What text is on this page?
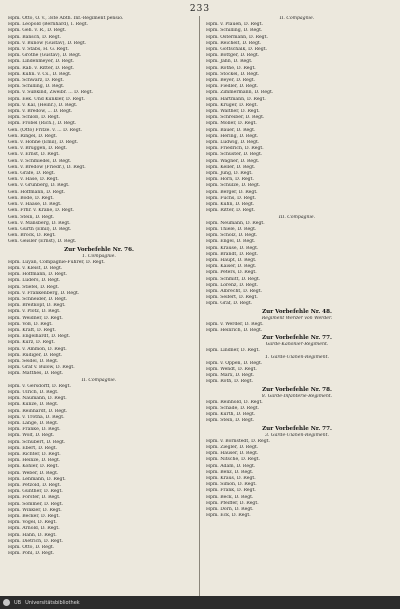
233
Hpm. Otto, O. v., 3ste Abth. Inf.-Regiment pensio.
Hpm. Leopold (Bernhard), I. Regt.
Hpm. Geh. v. R., D. Regt.
Hpm. Bänsch, D. Regt.
Hpm. v. Bünow (Gustav), D. Regt.
Hpm. v. Stabs, H. G. Regt.
Hpm. Grothe (Gustav), D. Regt.
Hpm. Lindenmeyer, D. Regt.
Hpm. Rab. v. Ritter, D. Regt.
Hpm. Kühn. v. Cs., D. Regt.
Hpm. Schwarz, D. Regt.
Hpm. Schilling, D. Regt.
Hpm. v. Süßkind, Zweibr. ... D. Regt.
Hpm. Eek. Und Künkler, D. Regt.
Hpm. v. Kal, (Heinr.), D. Regt.
Hpm. v. Bredow, ... D. Regt.
Hpm. Schloß, D. Regt.
Hpm. Fröbel (Rich.), D. Regt.
Gen. (Otto) Fritze. v. ... D. Regt.
Gen. Ringel, D. Regt.
Gen. v. Höhne (Emil), D. Regt.
Gen. v. Brüggen, D. Regt.
Gen. v. Ernst, D. Regt.
Gen. v. Schmiedel, D. Regt.
Gen. v. Bredow (Friedr.), D. Regt.
Gen. Gräfe, D. Regt.
Gen. v. Hase, D. Regt.
Gen. v. Grünberg, D. Regt.
Gen. Hoffmann, D. Regt.
Gen. Bode, D. Regt.
Gen. v. Haase, D. Regt.
Gen. Frhr. v. Krane, D. Regt.
Gen. Stein, D. Regt.
Gen. v. Mansberg, D. Regt.
Gen. Gürth (Emil), D. Regt.
Gen. Brock, D. Regt.
Gen. Geisler (Ernst), D. Regt.
Zur Vorbefehle Nr. 76.
1. Compagnie.
Hpm. Luyan, Compagnie-Führer, D. Regt.
Hpm. v. Kleist, D. Regt.
Hpm. Hoffmann, D. Regt.
Hpm. Lüders, D. Regt.
Hpm. Stiefel, D. Regt.
Hpm. v. Frankenberg, D. Regt.
Hpm. Schneider, D. Regt.
Hpm. Breitkopf, D. Regt.
Hpm. v. Plötz, D. Regt.
Hpm. Weidner, D. Regt.
Hpm. Voß, D. Regt.
Hpm. Kraft, D. Regt.
Hpm. Engelhardt, D. Regt.
Hpm. Kurz, D. Regt.
Hpm. v. Ammon, D. Regt.
Hpm. Rüdiger, D. Regt.
Hpm. Seidel, D. Regt.
Hpm. Graf v. Bülow, D. Regt.
Hpm. Matthes, D. Regt.
II. Compagnie.
Hpm. v. Gersdorff, D. Regt.
Hpm. Ulrich, D. Regt.
Hpm. Naumann, D. Regt.
Hpm. Kunze, D. Regt.
Hpm. Reinhardt, D. Regt.
Hpm. v. Trotha, D. Regt.
Hpm. Lange, D. Regt.
Hpm. Franke, D. Regt.
Hpm. Wolf, D. Regt.
Hpm. Schubert, D. Regt.
Hpm. Ebert, D. Regt.
Hpm. Richter, D. Regt.
Hpm. Heinze, D. Regt.
Hpm. Köhler, D. Regt.
Hpm. Weber, D. Regt.
Hpm. Lehmann, D. Regt.
Hpm. Petzold, D. Regt.
Hpm. Günther, D. Regt.
Hpm. Förster, D. Regt.
Hpm. Sommer, D. Regt.
Hpm. Winkler, D. Regt.
Hpm. Becker, D. Regt.
Hpm. Vogel, D. Regt.
Hpm. Arnold, D. Regt.
Hpm. Hahn, D. Regt.
Hpm. Dietrich, D. Regt.
Hpm. Otto, D. Regt.
Hpm. Pohl, D. Regt.
II. Compagnie.
Hpm. v. Plauen, D. Regt.
Hpm. Schilling, D. Regt.
Hpm. Ostermann, D. Regt.
Hpm. Reichelt, D. Regt.
Hpm. Gottschalk, D. Regt.
Hpm. Böttger, D. Regt.
Hpm. Jahn, D. Regt.
Hpm. Rothe, D. Regt.
Hpm. Stöckel, D. Regt.
Hpm. Beyer, D. Regt.
Hpm. Fiedler, D. Regt.
Hpm. Zimmermann, D. Regt.
Hpm. Hartmann, D. Regt.
Hpm. Krüger, D. Regt.
Hpm. Walther, D. Regt.
Hpm. Schreiber, D. Regt.
Hpm. Möller, D. Regt.
Hpm. Bauer, D. Regt.
Hpm. Hering, D. Regt.
Hpm. Ludwig, D. Regt.
Hpm. Friedrich, D. Regt.
Hpm. Schuster, D. Regt.
Hpm. Wagner, D. Regt.
Hpm. Keller, D. Regt.
Hpm. Jung, D. Regt.
Hpm. Horn, D. Regt.
Hpm. Schulze, D. Regt.
Hpm. Berger, D. Regt.
Hpm. Fuchs, D. Regt.
Hpm. Kühn, D. Regt.
Hpm. Ritter, D. Regt.
III. Compagnie.
Hpm. Neumann, D. Regt.
Hpm. Thiele, D. Regt.
Hpm. Scholz, D. Regt.
Hpm. Engel, D. Regt.
Hpm. Krause, D. Regt.
Hpm. Brandt, D. Regt.
Hpm. Haupt, D. Regt.
Hpm. Kaiser, D. Regt.
Hpm. Peters, D. Regt.
Hpm. Schmitt, D. Regt.
Hpm. Lorenz, D. Regt.
Hpm. Albrecht, D. Regt.
Hpm. Seifert, D. Regt.
Hpm. Graf, D. Regt.
Zur Vorbefehle Nr. 48.
Regiment Werder von Werder.
Hpm. v. Werder, D. Regt.
Hpm. Heinrich, D. Regt.
Zur Vorbefehle Nr. 77.
Garde-Kanonier-Regiment.
Hpm. Lindner, D. Regt.
1. Garde-Ulanen-Regiment.
Hpm. v. Oppen, D. Regt.
Hpm. Wendt, D. Regt.
Hpm. Marx, D. Regt.
Hpm. Roth, D. Regt.
Zur Vorbefehle Nr. 78.
8. Garde-Infanterie-Regiment.
Hpm. Reinhold, D. Regt.
Hpm. Schade, D. Regt.
Hpm. Kurth, D. Regt.
Hpm. Stein, D. Regt.
Zur Vorbefehle Nr. 77.
3. Garde-Ulanen-Regiment.
Hpm. v. Bornstedt, D. Regt.
Hpm. Ziegler, D. Regt.
Hpm. Hauser, D. Regt.
Hpm. Nitsche, D. Regt.
Hpm. Adam, D. Regt.
Hpm. Benz, D. Regt.
Hpm. Kraus, D. Regt.
Hpm. Simon, D. Regt.
Hpm. Frank, D. Regt.
Hpm. Beck, D. Regt.
Hpm. Pfeiffer, D. Regt.
Hpm. Dorn, D. Regt.
Hpm. Eck, D. Regt.
UB Universitätsbibliothek
